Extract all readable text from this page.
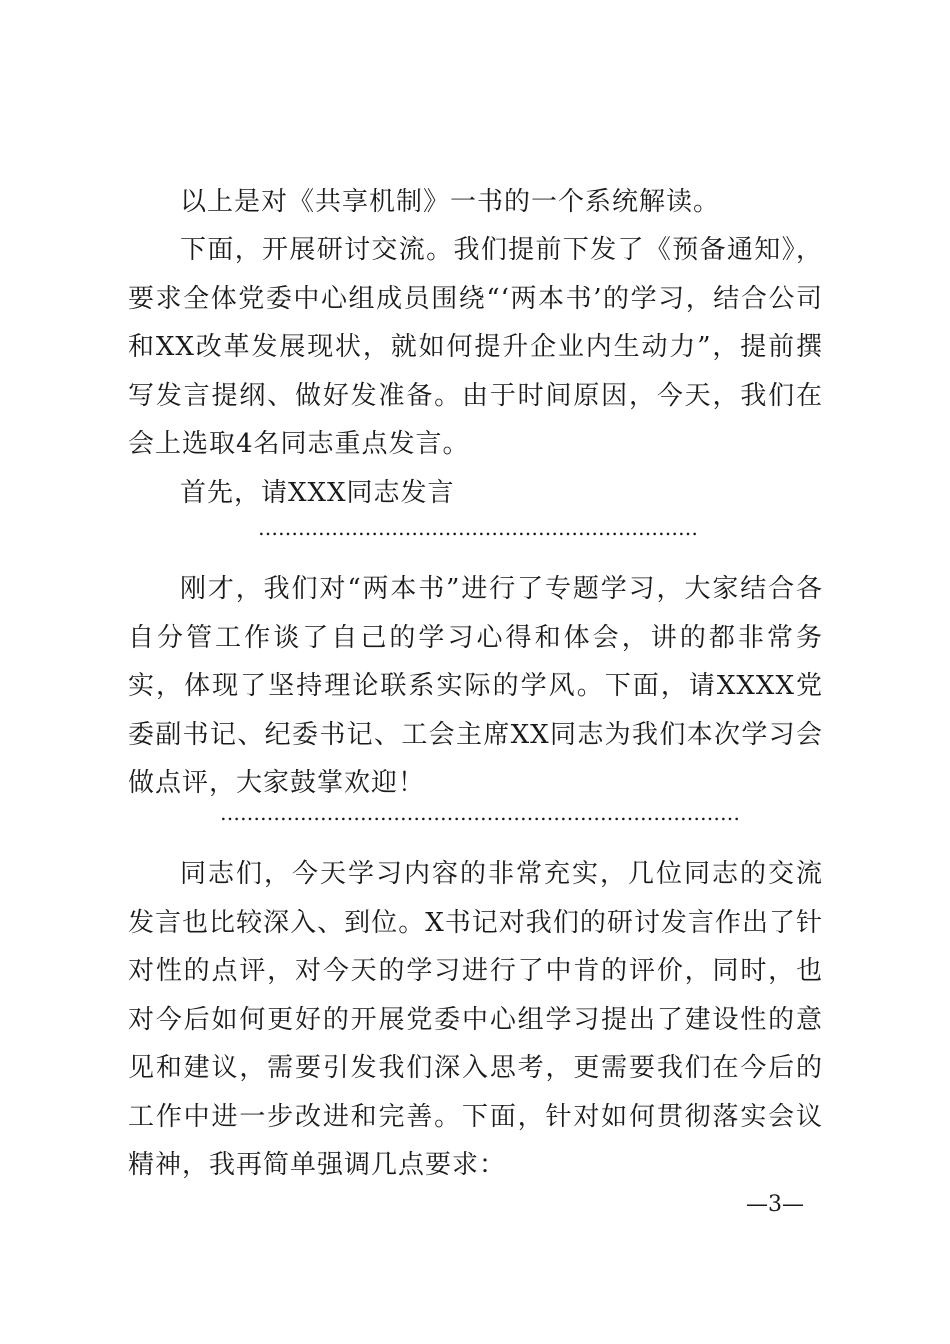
以上是对《共享机制》一书的一个系统解读。

下面，开展研讨交流。我们提前下发了《预备通知》，要求全体党委中心组成员围绕“‘两本书’的学习，结合公司和XX改革发展现状，就如何提升企业内生动力”，提前撰写发言提纲、做好发准备。由于时间原因，今天，我们在会上选取4名同志重点发言。

首先，请XXX同志发言

…………………………………………………………

刚才，我们对“两本书”进行了专题学习，大家结合各自分管工作谈了自己的学习心得和体会，讲的都非常务实，体现了坚持理论联系实际的学风。下面，请XXXX党委副书记、纪委书记、工会主席XX同志为我们本次学习会做点评，大家鼓掌欢迎！

……………………………………………………………………

同志们，今天学习内容的非常充实，几位同志的交流发言也比较深入、到位。X书记对我们的研讨发言作出了针对性的点评，对今天的学习进行了中肯的评价，同时，也对今后如何更好的开展党委中心组学习提出了建设性的意见和建议，需要引发我们深入思考，更需要我们在今后的工作中进一步改进和完善。下面，针对如何贯彻落实会议精神，我再简单强调几点要求：

—3—
